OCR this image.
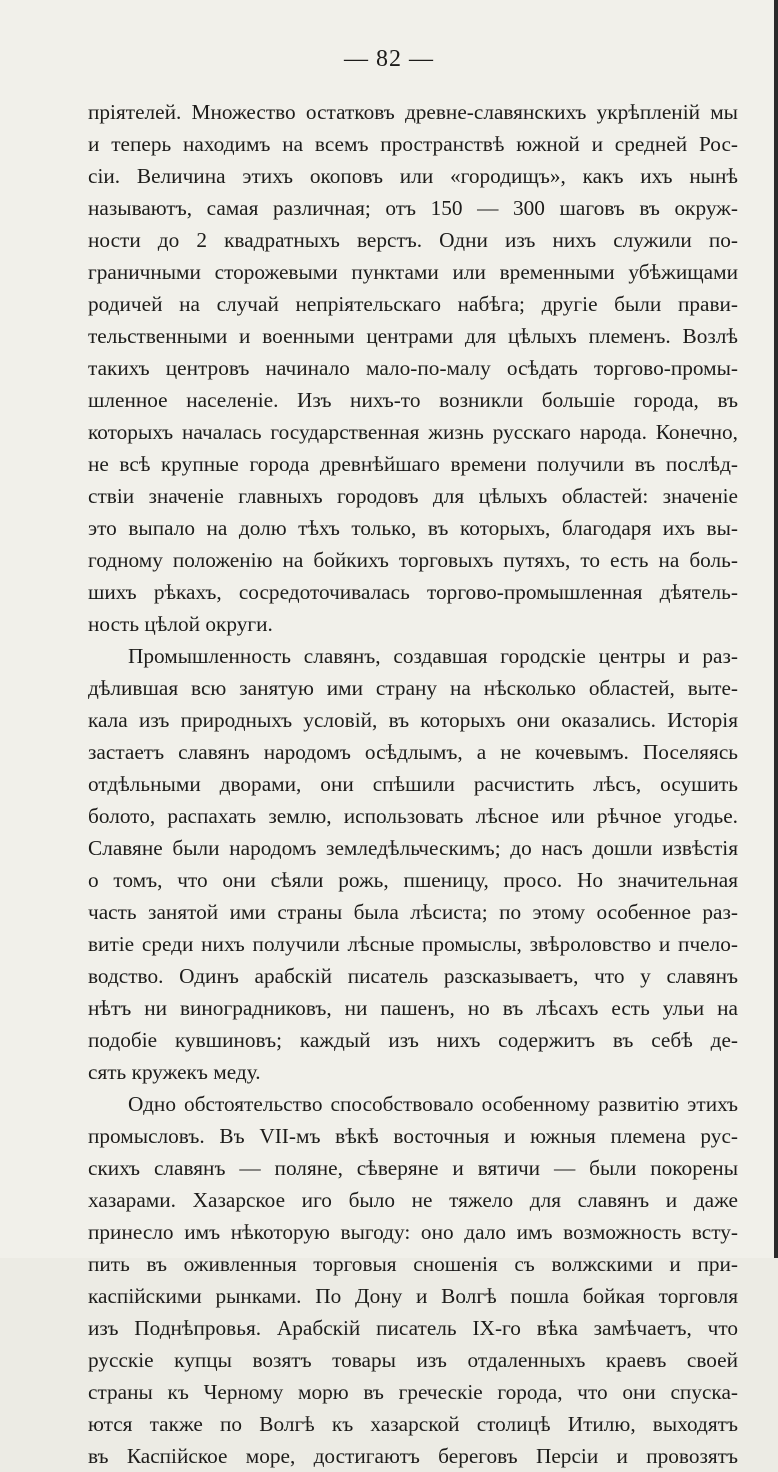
— 82 —
пріятелей. Множество остатковъ древне-славянскихъ укрѣпленій мы
и теперь находимъ на всемъ пространствѣ южной и средней Рос-
сіи. Величина этихъ окоповъ или «городищъ», какъ ихъ нынѣ
называютъ, самая различная; отъ 150 — 300 шаговъ въ окруж-
ности до 2 квадратныхъ верстъ. Одни изъ нихъ служили по-
граничными сторожевыми пунктами или временными убѣжищами
родичей на случай непріятельскаго набѣга; другіе были прави-
тельственными и военными центрами для цѣлыхъ племенъ. Возлѣ
такихъ центровъ начинало мало-по-малу осѣдать торгово-промы-
шленное населеніе. Изъ нихъ-то возникли большіе города, въ
которыхъ началась государственная жизнь русскаго народа. Конечно,
не всѣ крупные города древнѣйшаго времени получили въ послѣд-
ствіи значеніе главныхъ городовъ для цѣлыхъ областей: значеніе
это выпало на долю тѣхъ только, въ которыхъ, благодаря ихъ вы-
годному положенію на бойкихъ торговыхъ путяхъ, то есть на боль-
шихъ рѣкахъ, сосредоточивалась торгово-промышленная дѣятель-
ность цѣлой округи.
Промышленность славянъ, создавшая городскіе центры и раз-
дѣлившая всю занятую ими страну на нѣсколько областей, выте-
кала изъ природныхъ условій, въ которыхъ они оказались. Исторія
застаетъ славянъ народомъ осѣдлымъ, а не кочевымъ. Поселяясь
отдѣльными дворами, они спѣшили расчистить лѣсъ, осушить
болото, распахать землю, использовать лѣсное или рѣчное угодье.
Славяне были народомъ земледѣльческимъ; до насъ дошли извѣстія
о томъ, что они сѣяли рожь, пшеницу, просо. Но значительная
часть занятой ими страны была лѣсиста; по этому особенное раз-
витіе среди нихъ получили лѣсные промыслы, звѣроловство и пчело-
водство. Одинъ арабскій писатель разсказываетъ, что у славянъ
нѣтъ ни виноградниковъ, ни пашенъ, но въ лѣсахъ есть ульи на
подобіе кувшиновъ; каждый изъ нихъ содержитъ въ себѣ де-
сять кружекъ меду.
Одно обстоятельство способствовало особенному развитію этихъ
промысловъ. Въ VII-мъ вѣкѣ восточныя и южныя племена рус-
скихъ славянъ — поляне, сѣверяне и вятичи — были покорены
хазарами. Хазарское иго было не тяжело для славянъ и даже
принесло имъ нѣкоторую выгоду: оно дало имъ возможность всту-
пить въ оживленныя торговыя сношенія съ волжскими и при-
каспійскими рынками. По Дону и Волгѣ пошла бойкая торговля
изъ Поднѣпровья. Арабскій писатель IX-го вѣка замѣчаетъ, что
русскіе купцы возятъ товары изъ отдаленныхъ краевъ своей
страны къ Черному морю въ греческіе города, что они спуска-
ются также по Волгѣ къ хазарской столицѣ Итилю, выходятъ
въ Каспійское море, достигаютъ береговъ Персіи и провозятъ
